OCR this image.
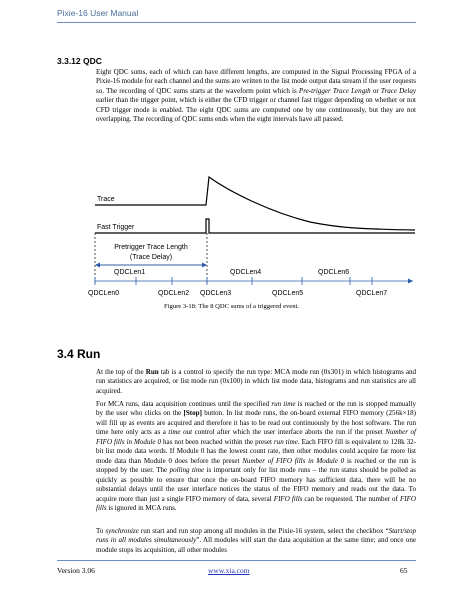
Pixie-16 User Manual
3.3.12 QDC
Eight QDC sums, each of which can have different lengths, are computed in the Signal Processing FPGA of a Pixie-16 module for each channel and the sums are written to the list mode output data stream if the user requests so. The recording of QDC sums starts at the waveform point which is Pre-trigger Trace Length or Trace Delay earlier than the trigger point, which is either the CFD trigger or channel fast trigger depending on whether or not CFD trigger mode is enabled. The eight QDC sums are computed one by one continuously, but they are not overlapping. The recording of QDC sums ends when the eight intervals have all passed.
Trace
Fast Trigger
Pretrigger Trace Length
(Trace Delay)
QDCLen0
QDCLen1
QDCLen2 QDCLen3
QDCLen4
QDCLen5
QDCLen6
QDCLen7
Figure 3-18: The 8 QDC sums of a triggered event.
3.4 Run
At the top of the Run tab is a control to specify the run type: MCA mode run (0x301) in which histograms and run statistics are acquired, or list mode run (0x100) in which list mode data, histograms and run statistics are all acquired.
For MCA runs, data acquisition continues until the specified run time is reached or the run is stopped manually by the user who clicks on the [Stop] button. In list mode runs, the on-board external FIFO memory (256k×18) will fill up as events are acquired and therefore it has to be read out continuously by the host software. The run time here only acts as a time out control after which the user interface aborts the run if the preset Number of FIFO fills in Module 0 has not been reached within the preset run time. Each FIFO fill is equivalent to 128k 32-bit list mode data words. If Module 0 has the lowest count rate, then other modules could acquire far more list mode data than Module 0 does before the preset Number of FIFO fills in Module 0 is reached or the run is stopped by the user. The polling time is important only for list mode runs – the run status should be polled as quickly as possible to ensure that once the on-board FIFO memory has sufficient data, there will be no substantial delays until the user interface notices the status of the FIFO memory and reads out the data. To acquire more than just a single FIFO memory of data, several FIFO fills can be requested. The number of FIFO fills is ignored in MCA runs.
To synchronize run start and run stop among all modules in the Pixie-16 system, select the checkbox “Start/stop runs in all modules simultaneously”. All modules will start the data acquisition at the same time; and once one module stops its acquisition, all other modules
Version 3.06	www.xia.com	65
